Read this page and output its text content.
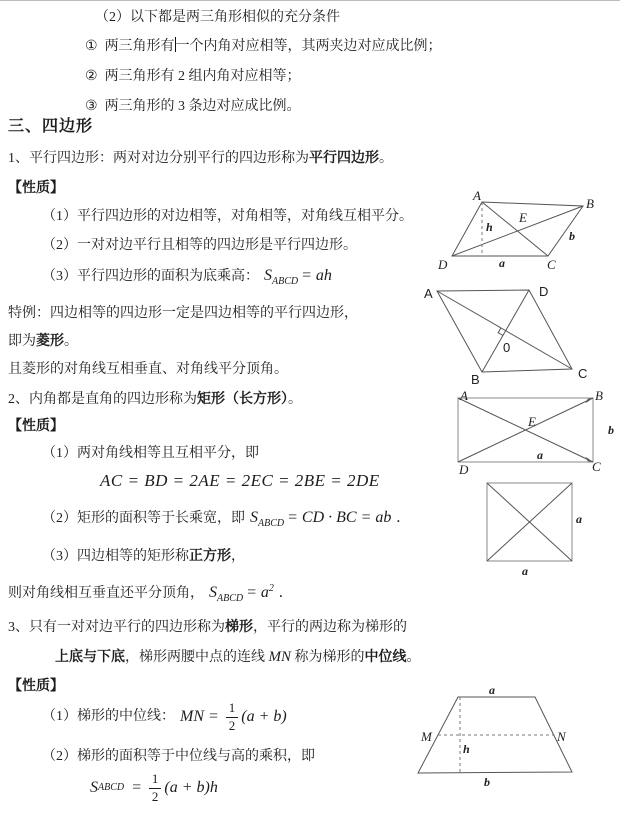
（2）以下都是两三角形相似的充分条件
① 两三角形有一个内角对应相等，其两夹边对应成比例；
② 两三角形有 2 组内角对应相等；
③ 两三角形的 3 条边对应成比例。
三、四边形
1、平行四边形：两对对边分别平行的四边形称为平行四边形。
【性质】
（1）平行四边形的对边相等，对角相等，对角线互相平分。
（2）一对对边平行且相等的四边形是平行四边形。
（3）平行四边形的面积为底乘高： $S_{ABCD}$ = ah
特例：四边相等的四边形一定是四边相等的平行四边形，
即为菱形。
且菱形的对角线互相垂直、对角线平分顶角。
2、内角都是直角的四边形称为矩形（长方形）。
【性质】
（1）两对角线相等且互相平分，即
AC = BD = 2AE = 2EC = 2BE = 2DE
（2）矩形的面积等于长乘宽，即 $S_{ABCD}$ = CD · BC = ab .
（3）四边相等的矩形称正方形，
则对角线相互垂直还平分顶角， $S_{ABCD} = a^2$ .
3、只有一对对边平行的四边形称为梯形，平行的两边称为梯形的
上底与下底，梯形两腰中点的连线 MN 称为梯形的中位线。
【性质】
（1）梯形的中位线： MN = $\frac{1}{2} (a + b)$
（2）梯形的面积等于中位线与高的乘积，即
S ABCD = $\frac{1}{2} (a + b)h$
A
B
C
D
E
a
b
h
A	D
B	C
0
A	B
C
D
E
a
b
a
a
a
b
h
M	N
